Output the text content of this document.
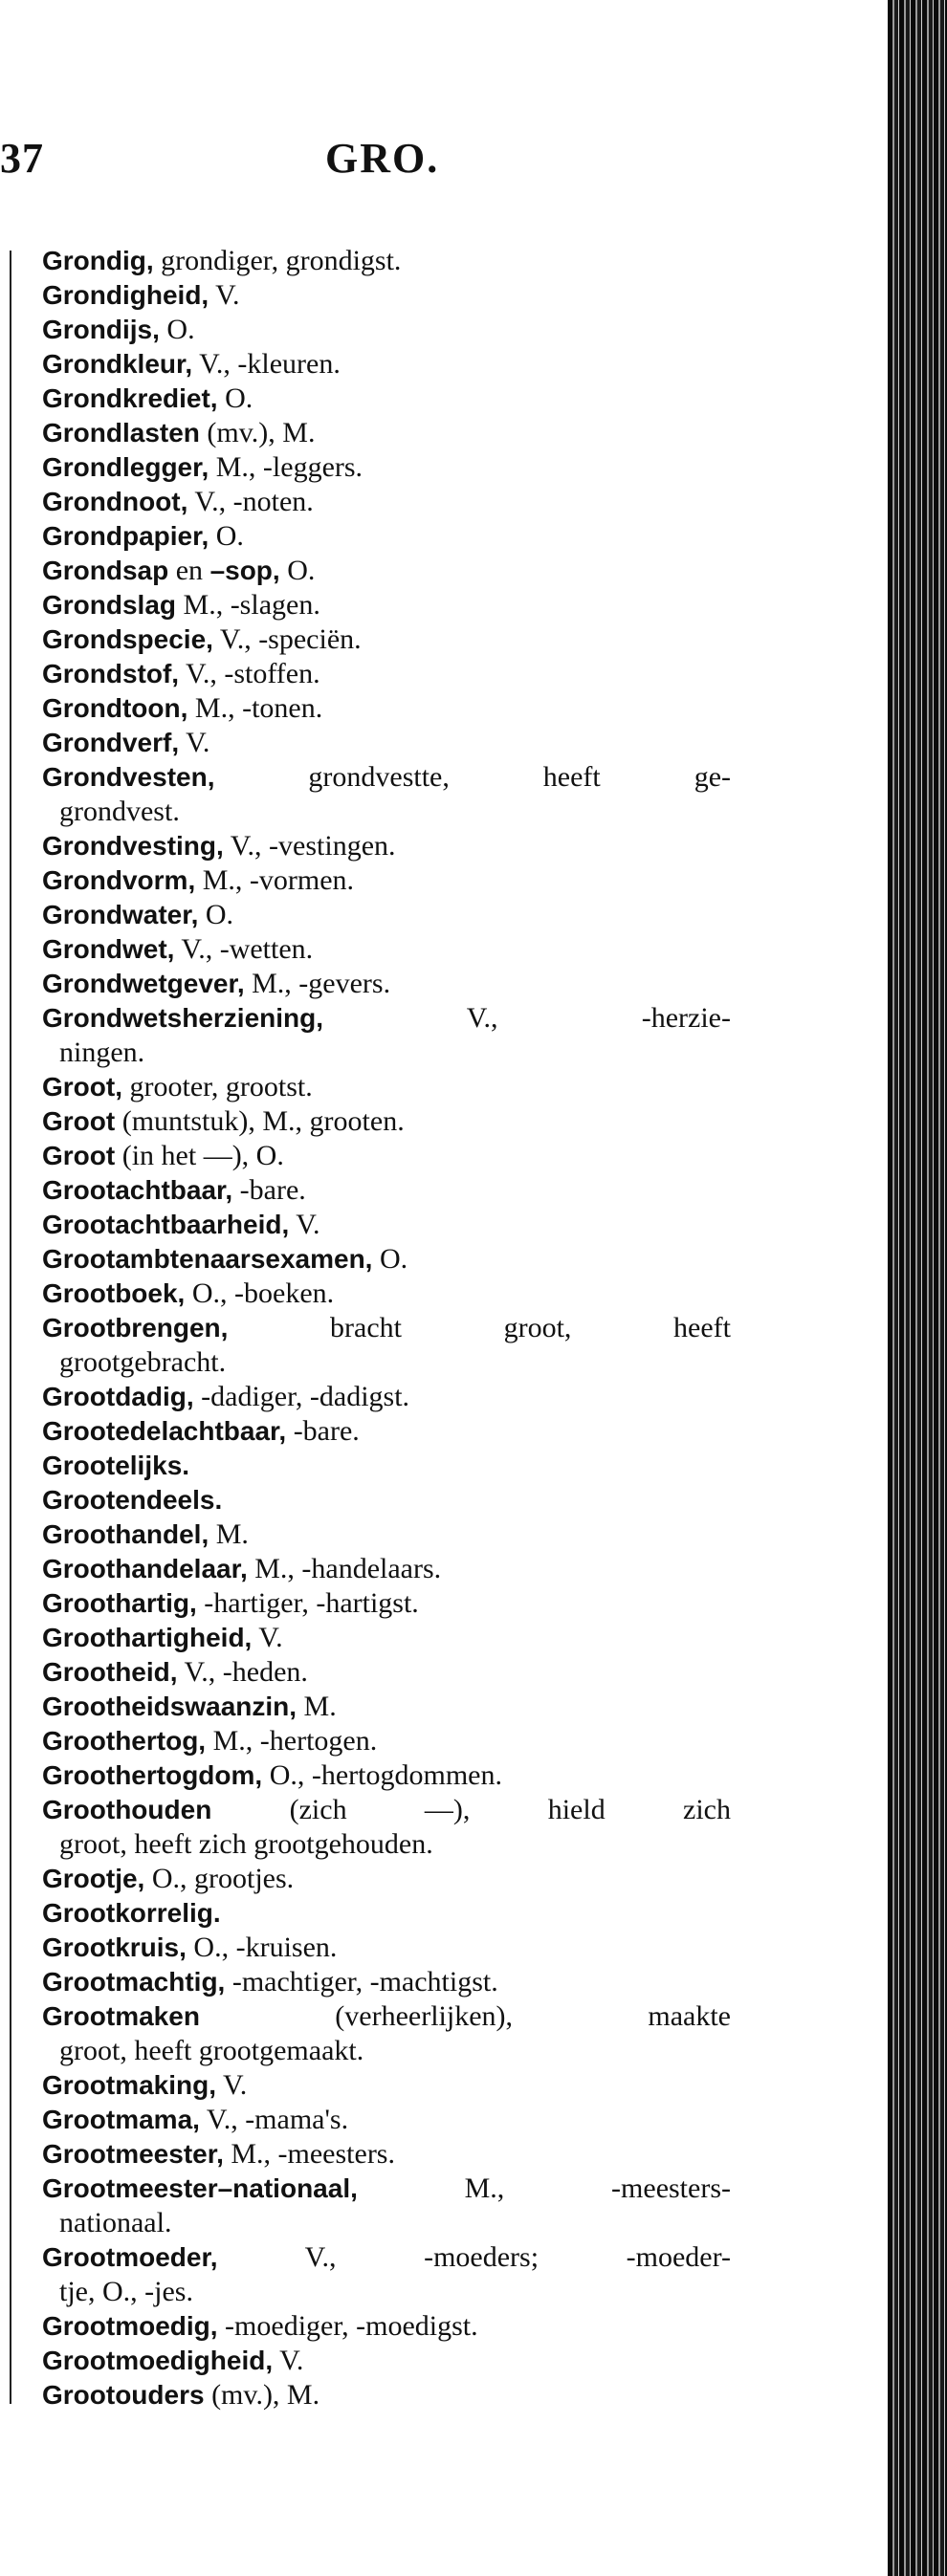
37	GRO.
Grondig, grondiger, grondigst.
Grondigheid, V.
Grondijs, O.
Grondkleur, V., -kleuren.
Grondkrediet, O.
Grondlasten (mv.), M.
Grondlegger, M., -leggers.
Grondnoot, V., -noten.
Grondpapier, O.
Grondsap en –sop, O.
Grondslag M., -slagen.
Grondspecie, V., -speciën.
Grondstof, V., -stoffen.
Grondtoon, M., -tonen.
Grondverf, V.
Grondvesten, grondvestte, heeft ge-
grondvest.
Grondvesting, V., -vestingen.
Grondvorm, M., -vormen.
Grondwater, O.
Grondwet, V., -wetten.
Grondwetgever, M., -gevers.
Grondwetsherziening, V., -herzie-
ningen.
Groot, grooter, grootst.
Groot (muntstuk), M., grooten.
Groot (in het —), O.
Grootachtbaar, -bare.
Grootachtbaarheid, V.
Grootambtenaarsexamen, O.
Grootboek, O., -boeken.
Grootbrengen, bracht groot, heeft
grootgebracht.
Grootdadig, -dadiger, -dadigst.
Grootedelachtbaar, -bare.
Grootelijks.
Grootendeels.
Groothandel, M.
Groothandelaar, M., -handelaars.
Groothartig, -hartiger, -hartigst.
Groothartigheid, V.
Grootheid, V., -heden.
Grootheidswaanzin, M.
Groothertog, M., -hertogen.
Groothertogdom, O., -hertogdommen.
Groothouden (zich —), hield zich
groot, heeft zich grootgehouden.
Grootje, O., grootjes.
Grootkorrelig.
Grootkruis, O., -kruisen.
Grootmachtig, -machtiger, -machtigst.
Grootmaken (verheerlijken), maakte
groot, heeft grootgemaakt.
Grootmaking, V.
Grootmama, V., -mama's.
Grootmeester, M., -meesters.
Grootmeester–nationaal, M., -meesters-
nationaal.
Grootmoeder, V., -moeders; -moeder-
tje, O., -jes.
Grootmoedig, -moediger, -moedigst.
Grootmoedigheid, V.
Grootouders (mv.), M.
